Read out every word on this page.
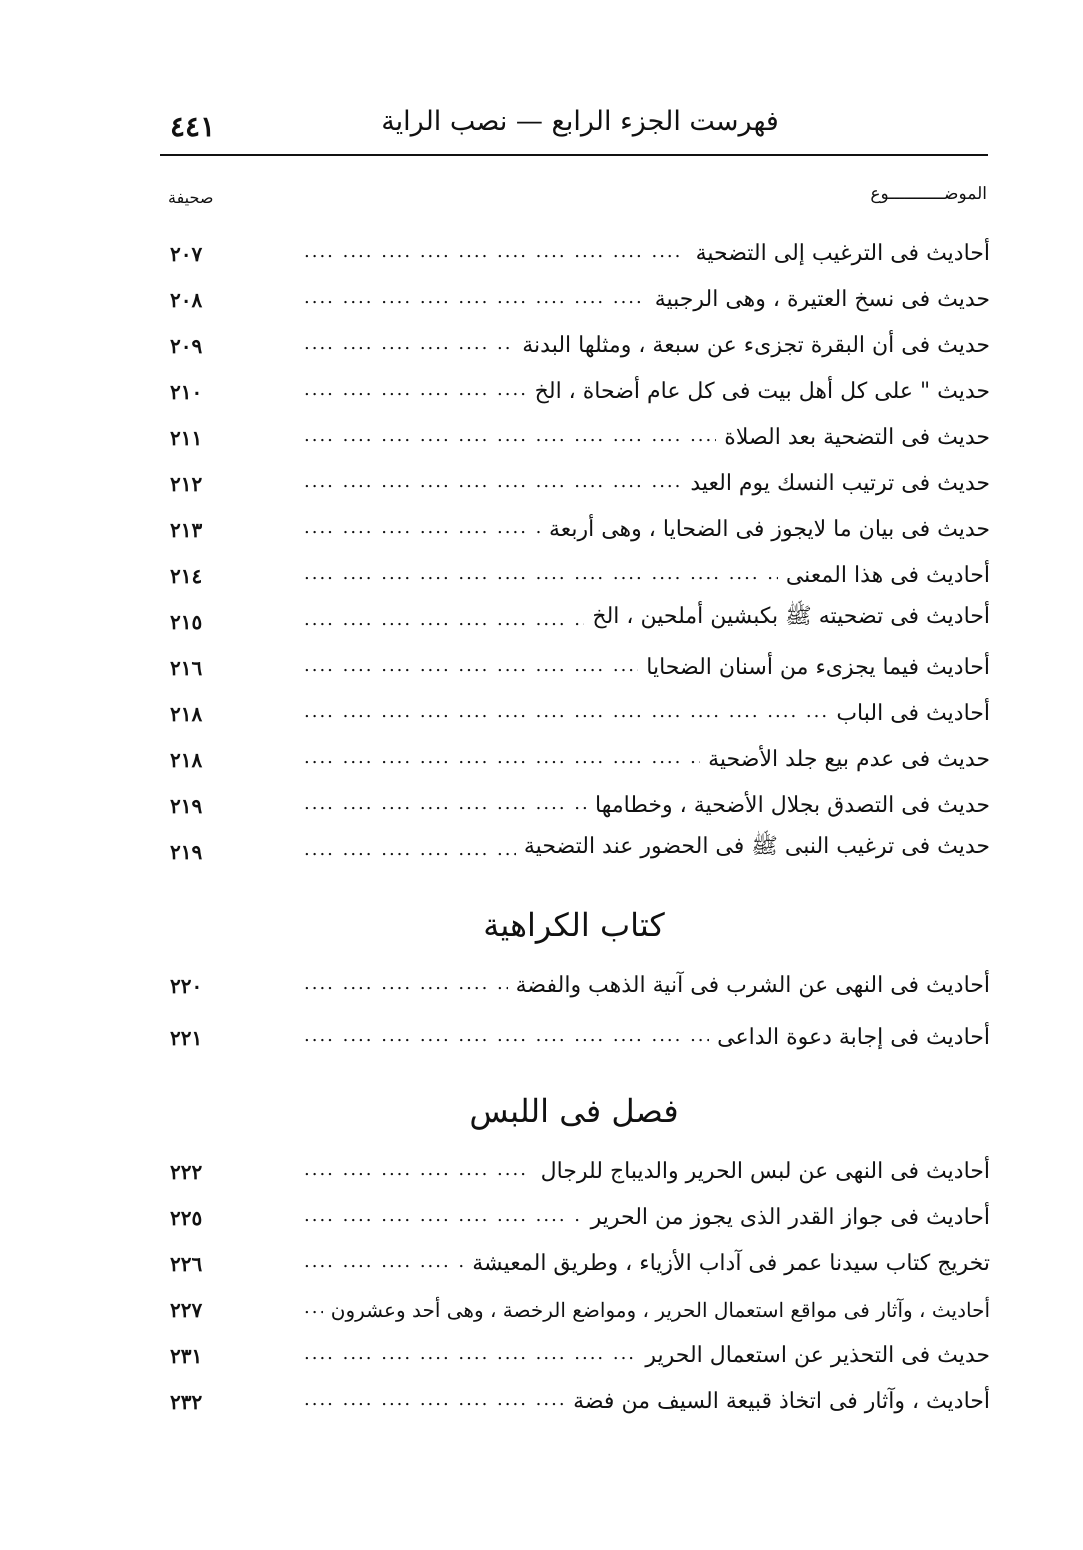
فهرست الجزء الرابع — نصب الراية
٤٤١
الموضـــــــــــوع
صحيفة
أحاديث فى الترغيب إلى التضحية
....
٢٠٧
حديث فى نسخ العتيرة ، وهى الرجبية
....
٢٠٨
حديث فى أن البقرة تجزىء عن سبعة ، ومثلها البدنة
....
٢٠٩
حديث " على كل أهل بيت فى كل عام أضحاة ، الخ
....
٢١٠
حديث فى التضحية بعد الصلاة
....
٢١١
حديث فى ترتيب النسك يوم العيد
....
٢١٢
حديث فى بيان ما لايجوز فى الضحايا ، وهى أربعة
....
٢١٣
أحاديث فى هذا المعنى
....
٢١٤
أحاديث فى تضحيته ﷺ بكبشين أملحين ، الخ
....
٢١٥
أحاديث فيما يجزىء من أسنان الضحايا
....
٢١٦
أحاديث فى الباب
....
٢١٨
حديث فى عدم بيع جلد الأضحية
....
٢١٨
حديث فى التصدق بجلال الأضحية ، وخطامها
....
٢١٩
حديث فى ترغيب النبى ﷺ فى الحضور عند التضحية
....
٢١٩
كتاب الكراهية
أحاديث فى النهى عن الشرب فى آنية الذهب والفضة
....
٢٢٠
أحاديث فى إجابة دعوة الداعى
....
٢٢١
فصل فى اللبس
أحاديث فى النهى عن لبس الحرير والديباج للرجال
....
٢٢٢
أحاديث فى جواز القدر الذى يجوز من الحرير
....
٢٢٥
تخريج كتاب سيدنا عمر فى آداب الأزياء ، وطريق المعيشة
....
٢٢٦
أحاديث ، وآثار فى مواقع استعمال الحرير ، ومواضع الرخصة ، وهى أحد وعشرون
....
٢٢٧
حديث فى التحذير عن استعمال الحرير
....
٢٣١
أحاديث ، وآثار فى اتخاذ قبيعة السيف من فضة
....
٢٣٢
